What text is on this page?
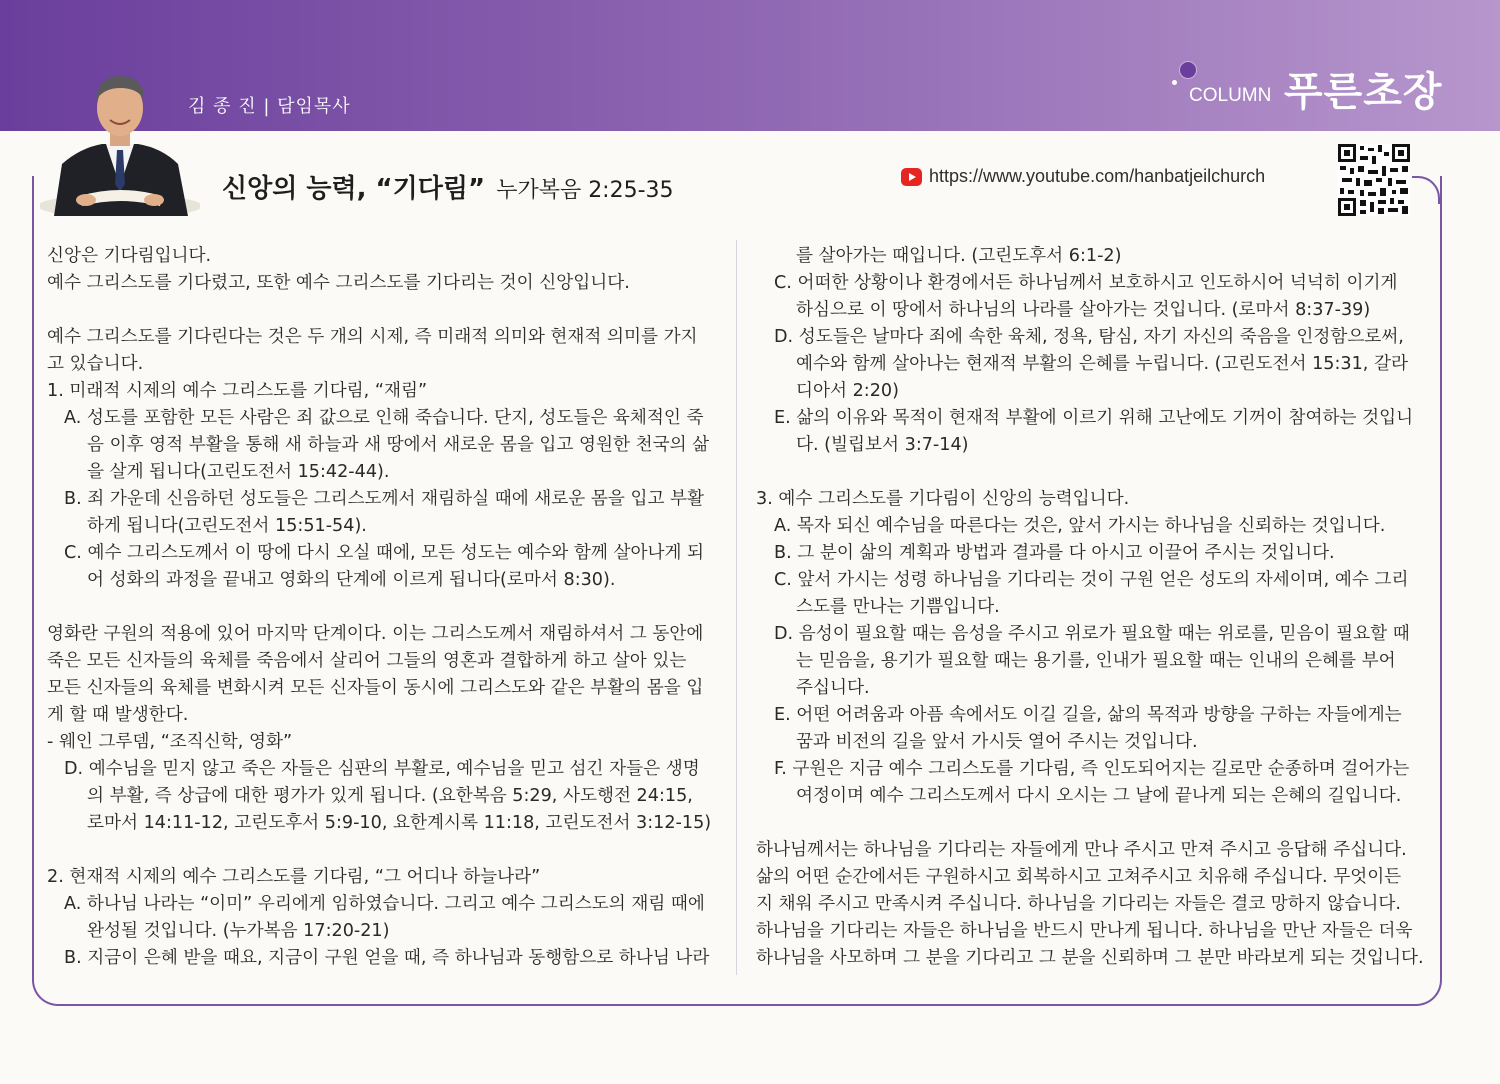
김 종 진 | 담임목사
COLUMN 푸른초장
신앙의 능력, “기다림” 누가복음 2:25-35
https://www.youtube.com/hanbatjeilchurch

신앙은 기다림입니다.

예수 그리스도를 기다렸고, 또한 예수 그리스도를 기다리는 것이 신앙입니다.

예수 그리스도를 기다린다는 것은 두 개의 시제, 즉 미래적 의미와 현재적 의미를 가지

고 있습니다.

1. 미래적 시제의 예수 그리스도를 기다림, “재림”

A. 성도를 포함한 모든 사람은 죄 값으로 인해 죽습니다. 단지, 성도들은 육체적인 죽

음 이후 영적 부활을 통해 새 하늘과 새 땅에서 새로운 몸을 입고 영원한 천국의 삶

을 살게 됩니다(고린도전서 15:42-44).

B. 죄 가운데 신음하던 성도들은 그리스도께서 재림하실 때에 새로운 몸을 입고 부활

하게 됩니다(고린도전서 15:51-54).

C. 예수 그리스도께서 이 땅에 다시 오실 때에, 모든 성도는 예수와 함께 살아나게 되

어 성화의 과정을 끝내고 영화의 단계에 이르게 됩니다(로마서 8:30).

영화란 구원의 적용에 있어 마지막 단계이다. 이는 그리스도께서 재림하셔서 그 동안에

죽은 모든 신자들의 육체를 죽음에서 살리어 그들의 영혼과 결합하게 하고 살아 있는

모든 신자들의 육체를 변화시켜 모든 신자들이 동시에 그리스도와 같은 부활의 몸을 입

게 할 때 발생한다.

- 웨인 그루뎀, “조직신학, 영화”

D. 예수님을 믿지 않고 죽은 자들은 심판의 부활로, 예수님을 믿고 섬긴 자들은 생명

의 부활, 즉 상급에 대한 평가가 있게 됩니다. (요한복음 5:29, 사도행전 24:15,

로마서 14:11-12, 고린도후서 5:9-10, 요한계시록 11:18, 고린도전서 3:12-15)

2. 현재적 시제의 예수 그리스도를 기다림, “그 어디나 하늘나라”

A. 하나님 나라는 “이미” 우리에게 임하였습니다. 그리고 예수 그리스도의 재림 때에

완성될 것입니다. (누가복음 17:20-21)

B. 지금이 은혜 받을 때요, 지금이 구원 얻을 때, 즉 하나님과 동행함으로 하나님 나라

를 살아가는 때입니다. (고린도후서 6:1-2)

C. 어떠한 상황이나 환경에서든 하나님께서 보호하시고 인도하시어 넉넉히 이기게

하심으로 이 땅에서 하나님의 나라를 살아가는 것입니다. (로마서 8:37-39)

D. 성도들은 날마다 죄에 속한 육체, 정욕, 탐심, 자기 자신의 죽음을 인정함으로써,

예수와 함께 살아나는 현재적 부활의 은혜를 누립니다. (고린도전서 15:31, 갈라

디아서 2:20)

E. 삶의 이유와 목적이 현재적 부활에 이르기 위해 고난에도 기꺼이 참여하는 것입니

다. (빌립보서 3:7-14)

3. 예수 그리스도를 기다림이 신앙의 능력입니다.

A. 목자 되신 예수님을 따른다는 것은, 앞서 가시는 하나님을 신뢰하는 것입니다.

B. 그 분이 삶의 계획과 방법과 결과를 다 아시고 이끌어 주시는 것입니다.

C. 앞서 가시는 성령 하나님을 기다리는 것이 구원 얻은 성도의 자세이며, 예수 그리

스도를 만나는 기쁨입니다.

D. 음성이 필요할 때는 음성을 주시고 위로가 필요할 때는 위로를, 믿음이 필요할 때

는 믿음을, 용기가 필요할 때는 용기를, 인내가 필요할 때는 인내의 은혜를 부어

주십니다.

E. 어떤 어려움과 아픔 속에서도 이길 길을, 삶의 목적과 방향을 구하는 자들에게는

꿈과 비전의 길을 앞서 가시듯 열어 주시는 것입니다.

F. 구원은 지금 예수 그리스도를 기다림, 즉 인도되어지는 길로만 순종하며 걸어가는

여정이며 예수 그리스도께서 다시 오시는 그 날에 끝나게 되는 은혜의 길입니다.

하나님께서는 하나님을 기다리는 자들에게 만나 주시고 만져 주시고 응답해 주십니다.

삶의 어떤 순간에서든 구원하시고 회복하시고 고쳐주시고 치유해 주십니다. 무엇이든

지 채워 주시고 만족시켜 주십니다. 하나님을 기다리는 자들은 결코 망하지 않습니다.

하나님을 기다리는 자들은 하나님을 반드시 만나게 됩니다. 하나님을 만난 자들은 더욱

하나님을 사모하며 그 분을 기다리고 그 분을 신뢰하며 그 분만 바라보게 되는 것입니다.
